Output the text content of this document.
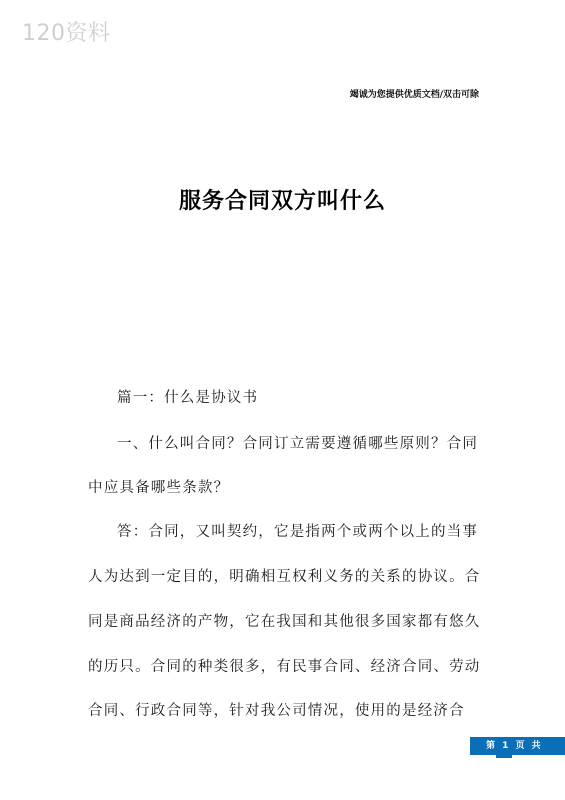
120资料
竭诚为您提供优质文档/双击可除
服务合同双方叫什么
篇一：什么是协议书
一、什么叫合同？合同订立需要遵循哪些原则？合同
中应具备哪些条款？
答：合同，又叫契约，它是指两个或两个以上的当事
人为达到一定目的，明确相互权利义务的关系的协议。合
同是商品经济的产物，它在我国和其他很多国家都有悠久
的历只。合同的种类很多，有民事合同、经济合同、劳动
合同、行政合同等，针对我公司情况，使用的是经济合
第 1 页 共
